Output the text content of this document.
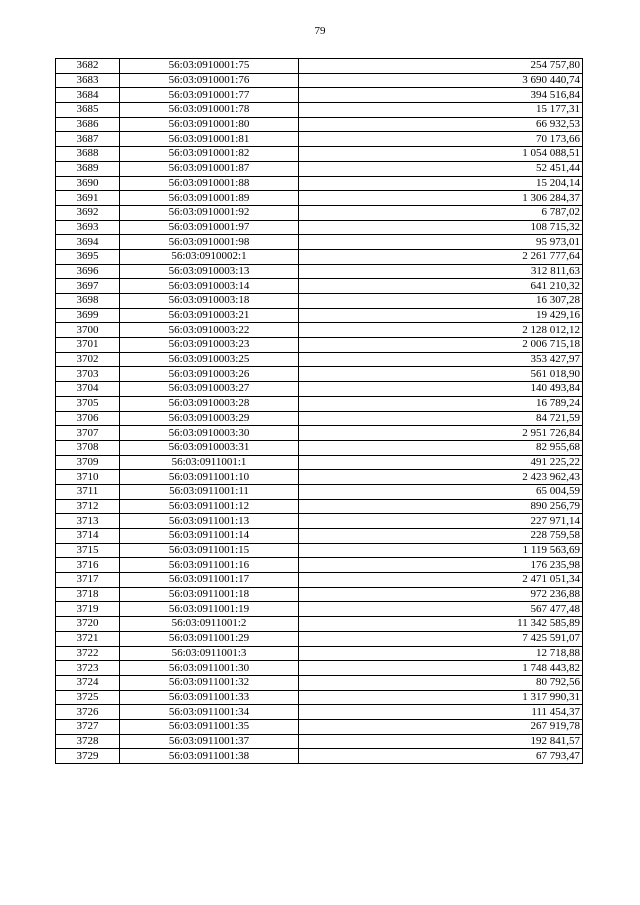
79
3682	56:03:0910001:75	254 757,80
3683	56:03:0910001:76	3 690 440,74
3684	56:03:0910001:77	394 516,84
3685	56:03:0910001:78	15 177,31
3686	56:03:0910001:80	66 932,53
3687	56:03:0910001:81	70 173,66
3688	56:03:0910001:82	1 054 088,51
3689	56:03:0910001:87	52 451,44
3690	56:03:0910001:88	15 204,14
3691	56:03:0910001:89	1 306 284,37
3692	56:03:0910001:92	6 787,02
3693	56:03:0910001:97	108 715,32
3694	56:03:0910001:98	95 973,01
3695	56:03:0910002:1	2 261 777,64
3696	56:03:0910003:13	312 811,63
3697	56:03:0910003:14	641 210,32
3698	56:03:0910003:18	16 307,28
3699	56:03:0910003:21	19 429,16
3700	56:03:0910003:22	2 128 012,12
3701	56:03:0910003:23	2 006 715,18
3702	56:03:0910003:25	353 427,97
3703	56:03:0910003:26	561 018,90
3704	56:03:0910003:27	140 493,84
3705	56:03:0910003:28	16 789,24
3706	56:03:0910003:29	84 721,59
3707	56:03:0910003:30	2 951 726,84
3708	56:03:0910003:31	82 955,68
3709	56:03:0911001:1	491 225,22
3710	56:03:0911001:10	2 423 962,43
3711	56:03:0911001:11	65 004,59
3712	56:03:0911001:12	890 256,79
3713	56:03:0911001:13	227 971,14
3714	56:03:0911001:14	228 759,58
3715	56:03:0911001:15	1 119 563,69
3716	56:03:0911001:16	176 235,98
3717	56:03:0911001:17	2 471 051,34
3718	56:03:0911001:18	972 236,88
3719	56:03:0911001:19	567 477,48
3720	56:03:0911001:2	11 342 585,89
3721	56:03:0911001:29	7 425 591,07
3722	56:03:0911001:3	12 718,88
3723	56:03:0911001:30	1 748 443,82
3724	56:03:0911001:32	80 792,56
3725	56:03:0911001:33	1 317 990,31
3726	56:03:0911001:34	111 454,37
3727	56:03:0911001:35	267 919,78
3728	56:03:0911001:37	192 841,57
3729	56:03:0911001:38	67 793,47
